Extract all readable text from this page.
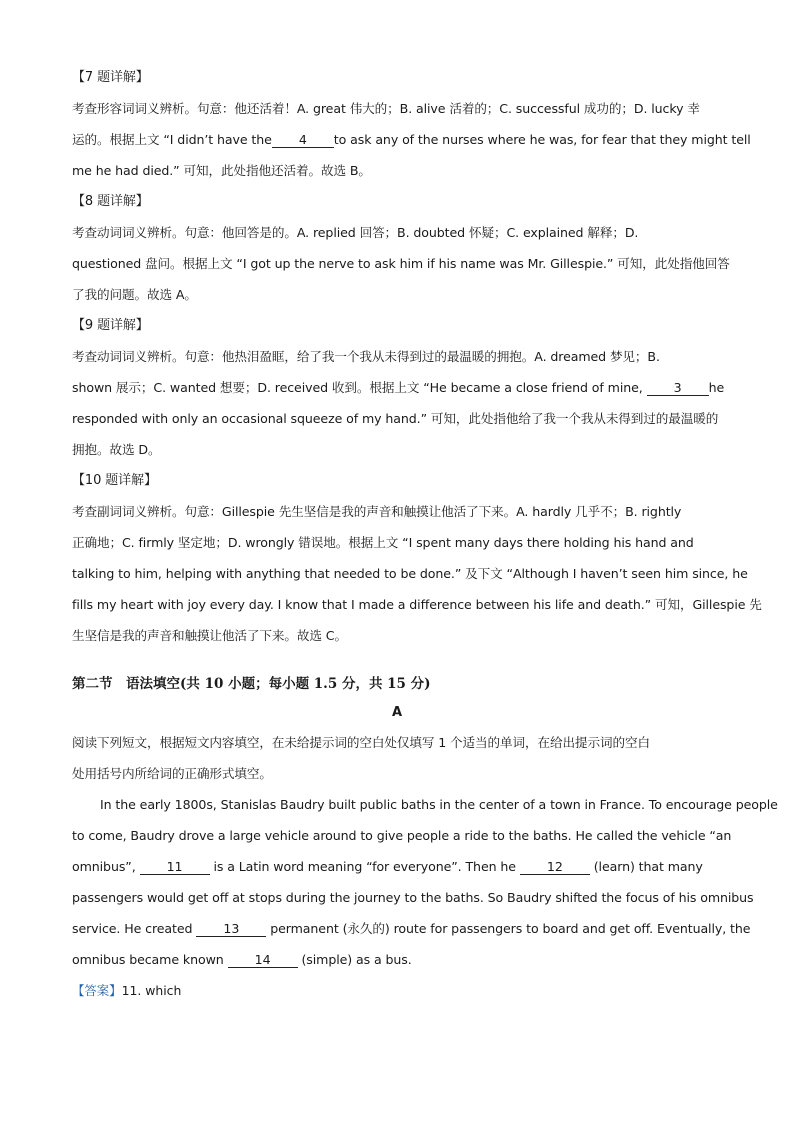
【7 题详解】
考查形容词词义辨析。句意：他还活着！A. great 伟大的；B. alive 活着的；C. successful 成功的；D. lucky 幸
运的。根据上文 “I didn’t have the 4 to ask any of the nurses where he was, for fear that they might tell
me he had died.” 可知，此处指他还活着。故选 B。
【8 题详解】
考查动词词义辨析。句意：他回答是的。A. replied 回答；B. doubted 怀疑；C. explained 解释；D.
questioned 盘问。根据上文 “I got up the nerve to ask him if his name was Mr. Gillespie.” 可知，此处指他回答
了我的问题。故选 A。
【9 题详解】
考查动词词义辨析。句意：他热泪盈眶，给了我一个我从未得到过的最温暖的拥抱。A. dreamed 梦见；B.
shown 展示；C. wanted 想要；D. received 收到。根据上文 “He became a close friend of mine, 3 he
responded with only an occasional squeeze of my hand.” 可知，此处指他给了我一个我从未得到过的最温暖的
拥抱。故选 D。
【10 题详解】
考查副词词义辨析。句意：Gillespie 先生坚信是我的声音和触摸让他活了下来。A. hardly 几乎不；B. rightly
正确地；C. firmly 坚定地；D. wrongly 错误地。根据上文 “I spent many days there holding his hand and
talking to him, helping with anything that needed to be done.” 及下文 “Although I haven’t seen him since, he
fills my heart with joy every day. I know that I made a difference between his life and death.” 可知，Gillespie 先
生坚信是我的声音和触摸让他活了下来。故选 C。
第二节　语法填空(共 10 小题；每小题 1.5 分，共 15 分)
A
阅读下列短文，根据短文内容填空，在未给提示词的空白处仅填写 1 个适当的单词，在给出提示词的空白
处用括号内所给词的正确形式填空。
In the early 1800s, Stanislas Baudry built public baths in the center of a town in France. To encourage people
to come, Baudry drove a large vehicle around to give people a ride to the baths. He called the vehicle “an
omnibus”, 11 is a Latin word meaning “for everyone”. Then he 12 (learn) that many
passengers would get off at stops during the journey to the baths. So Baudry shifted the focus of his omnibus
service. He created 13 permanent (永久的) route for passengers to board and get off. Eventually, the
omnibus became known 14 (simple) as a bus.
【答案】11. which
